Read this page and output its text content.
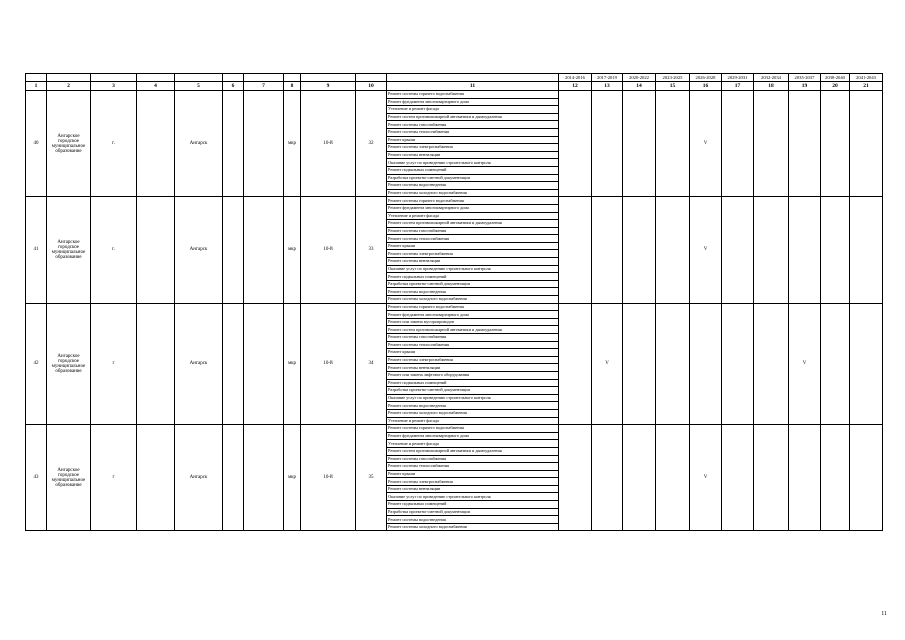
											2014-2016	2017-2019	2020-2022	2023-2025	2026-2028	2029-2031	2032-2034	2035-2037	2038-2040	2041-2043
1	2	3	4	5	6	7	8	9	10	11	12	13	14	15	16	17	18	19	20	21
40	Ангарское городское муниципальное образование	г.		Ангарск			мкр	10-й	32	Ремонт системы горячего водоснабжения					V					
										Ремонт фундамента многоквартирного дома										
										Утепление и ремонт фасада										
										Ремонт систем противопожарной автоматики и дымоудаления										
										Ремонт системы газоснабжения										
										Ремонт системы теплоснабжения										
										Ремонт крыши										
										Ремонт системы электроснабжения										
										Ремонт системы вентиляции										
										Оказание услуг по проведению строительного контроля										
										Ремонт подвальных помещений										
										Разработка проектно-сметной документации										
										Ремонт системы водоотведения										
										Ремонт системы холодного водоснабжения										
41	Ангарское городское муниципальное образование	г.		Ангарск			мкр	10-й	33	Ремонт системы горячего водоснабжения					V					
										Ремонт фундамента многоквартирного дома										
										Утепление и ремонт фасада										
										Ремонт систем противопожарной автоматики и дымоудаления										
										Ремонт системы газоснабжения										
										Ремонт системы теплоснабжения										
										Ремонт крыши										
										Ремонт системы электроснабжения										
										Ремонт системы вентиляции										
										Оказание услуг по проведению строительного контроля										
										Ремонт подвальных помещений										
										Разработка проектно-сметной документации										
										Ремонт системы водоотведения										
										Ремонт системы холодного водоснабжения										
42	Ангарское городское муниципальное образование	г		Ангарск			мкр	10-й	34	Ремонт системы горячего водоснабжения		V						V		
										Ремонт фундамента многоквартирного дома										
										Ремонт или замена мусоропроводов										
										Ремонт систем противопожарной автоматики и дымоудаления										
										Ремонт системы газоснабжения										
										Ремонт системы теплоснабжения										
										Ремонт крыши										
										Ремонт системы электроснабжения										
										Ремонт системы вентиляции										
										Ремонт или замена лифтового оборудования										
										Ремонт подвальных помещений										
										Разработка проектно-сметной документации										
										Оказание услуг по проведению строительного контроля										
										Ремонт системы водоотведения										
										Ремонт системы холодного водоснабжения										
										Утепление и ремонт фасада										
43	Ангарское городское муниципальное образование	г		Ангарск			мкр	10-й	35	Ремонт системы горячего водоснабжения					V					
										Ремонт фундамента многоквартирного дома										
										Утепление и ремонт фасада										
										Ремонт систем противопожарной автоматики и дымоудаления										
										Ремонт системы газоснабжения										
										Ремонт системы теплоснабжения										
										Ремонт крыши										
										Ремонт системы электроснабжения										
										Ремонт системы вентиляции										
										Оказание услуг по проведению строительного контроля										
										Ремонт подвальных помещений										
										Разработка проектно-сметной документации										
										Ремонт системы водоотведения										
										Ремонт системы холодного водоснабжения										
11
